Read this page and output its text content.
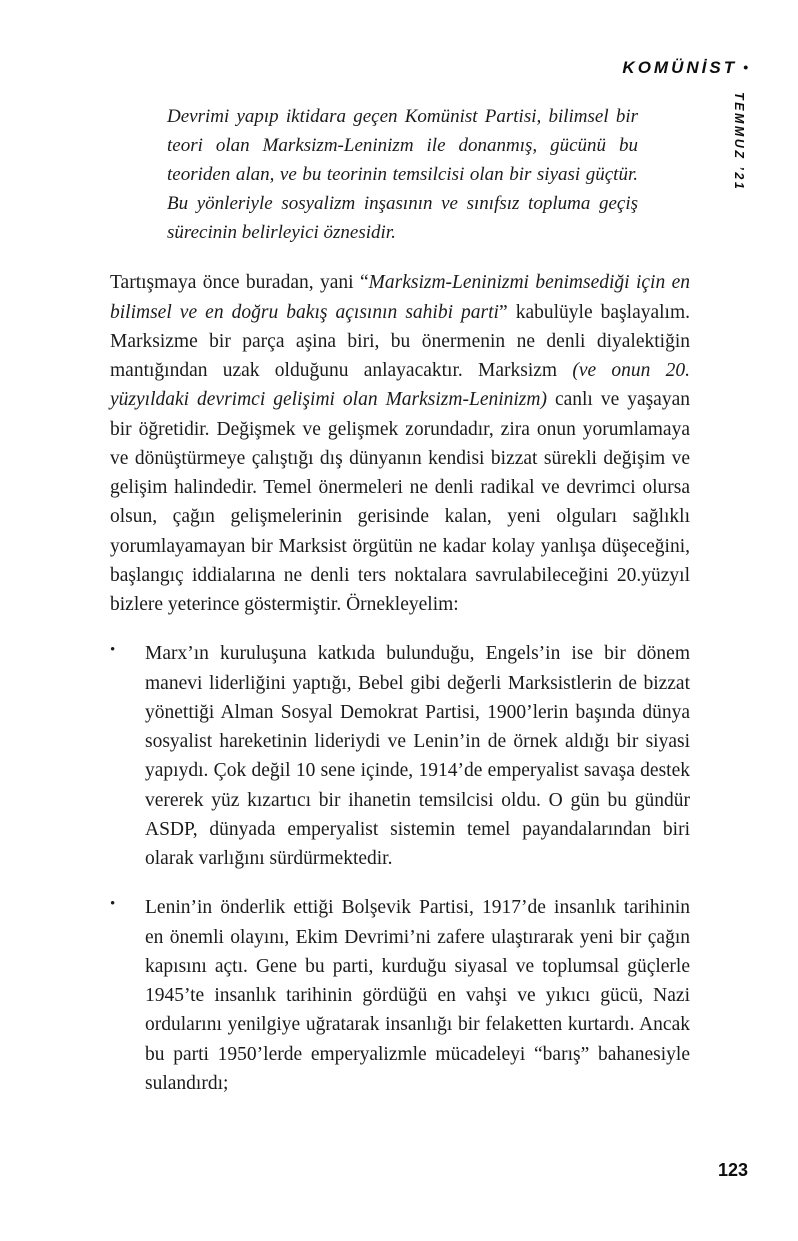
KOMÜNİST •
TEMMUZ ’21
Devrimi yapıp iktidara geçen Komünist Partisi, bilimsel bir teori olan Marksizm-Leninizm ile donanmış, gücünü bu teoriden alan, ve bu teorinin temsilcisi olan bir siyasi güçtür. Bu yönleriyle sosyalizm inşasının ve sınıfsız topluma geçiş sürecinin belirleyici öznesidir.

Tartışmaya önce buradan, yani “Marksizm-Leninizmi benimsediği için en bilimsel ve en doğru bakış açısının sahibi parti” kabulüyle başlayalım. Marksizme bir parça aşina biri, bu önermenin ne denli diyalektiğin mantığından uzak olduğunu anlayacaktır. Marksizm (ve onun 20. yüzyıldaki devrimci gelişimi olan Marksizm-Leninizm) canlı ve yaşayan bir öğretidir. Değişmek ve gelişmek zorundadır, zira onun yorumlamaya ve dönüştürmeye çalıştığı dış dünyanın kendisi bizzat sürekli değişim ve gelişim halindedir. Temel önermeleri ne denli radikal ve devrimci olursa olsun, çağın gelişmelerinin gerisinde kalan, yeni olguları sağlıklı yorumlayamayan bir Marksist örgütün ne kadar kolay yanlışa düşeceğini, başlangıç iddialarına ne denli ters noktalara savrulabileceğini 20.yüzyıl bizlere yeterince göstermiştir. Örnekleyelim:

•	Marx’ın kuruluşuna katkıda bulunduğu, Engels’in ise bir dönem manevi liderliğini yaptığı, Bebel gibi değerli Marksistlerin de bizzat yönettiği Alman Sosyal Demokrat Partisi, 1900’lerin başında dünya sosyalist hareketinin lideriydi ve Lenin’in de örnek aldığı bir siyasi yapıydı. Çok değil 10 sene içinde, 1914’de emperyalist savaşa destek vererek yüz kızartıcı bir ihanetin temsilcisi oldu. O gün bu gündür ASDP, dünyada emperyalist sistemin temel payandalarından biri olarak varlığını sürdürmektedir.
•	Lenin’in önderlik ettiği Bolşevik Partisi, 1917’de insanlık tarihinin en önemli olayını, Ekim Devrimi’ni zafere ulaştırarak yeni bir çağın kapısını açtı. Gene bu parti, kurduğu siyasal ve toplumsal güçlerle 1945’te insanlık tarihinin gördüğü en vahşi ve yıkıcı gücü, Nazi ordularını yenilgiye uğratarak insanlığı bir felaketten kurtardı. Ancak bu parti 1950’lerde emperyalizmle mücadeleyi “barış” bahanesiyle sulandırdı;
123
